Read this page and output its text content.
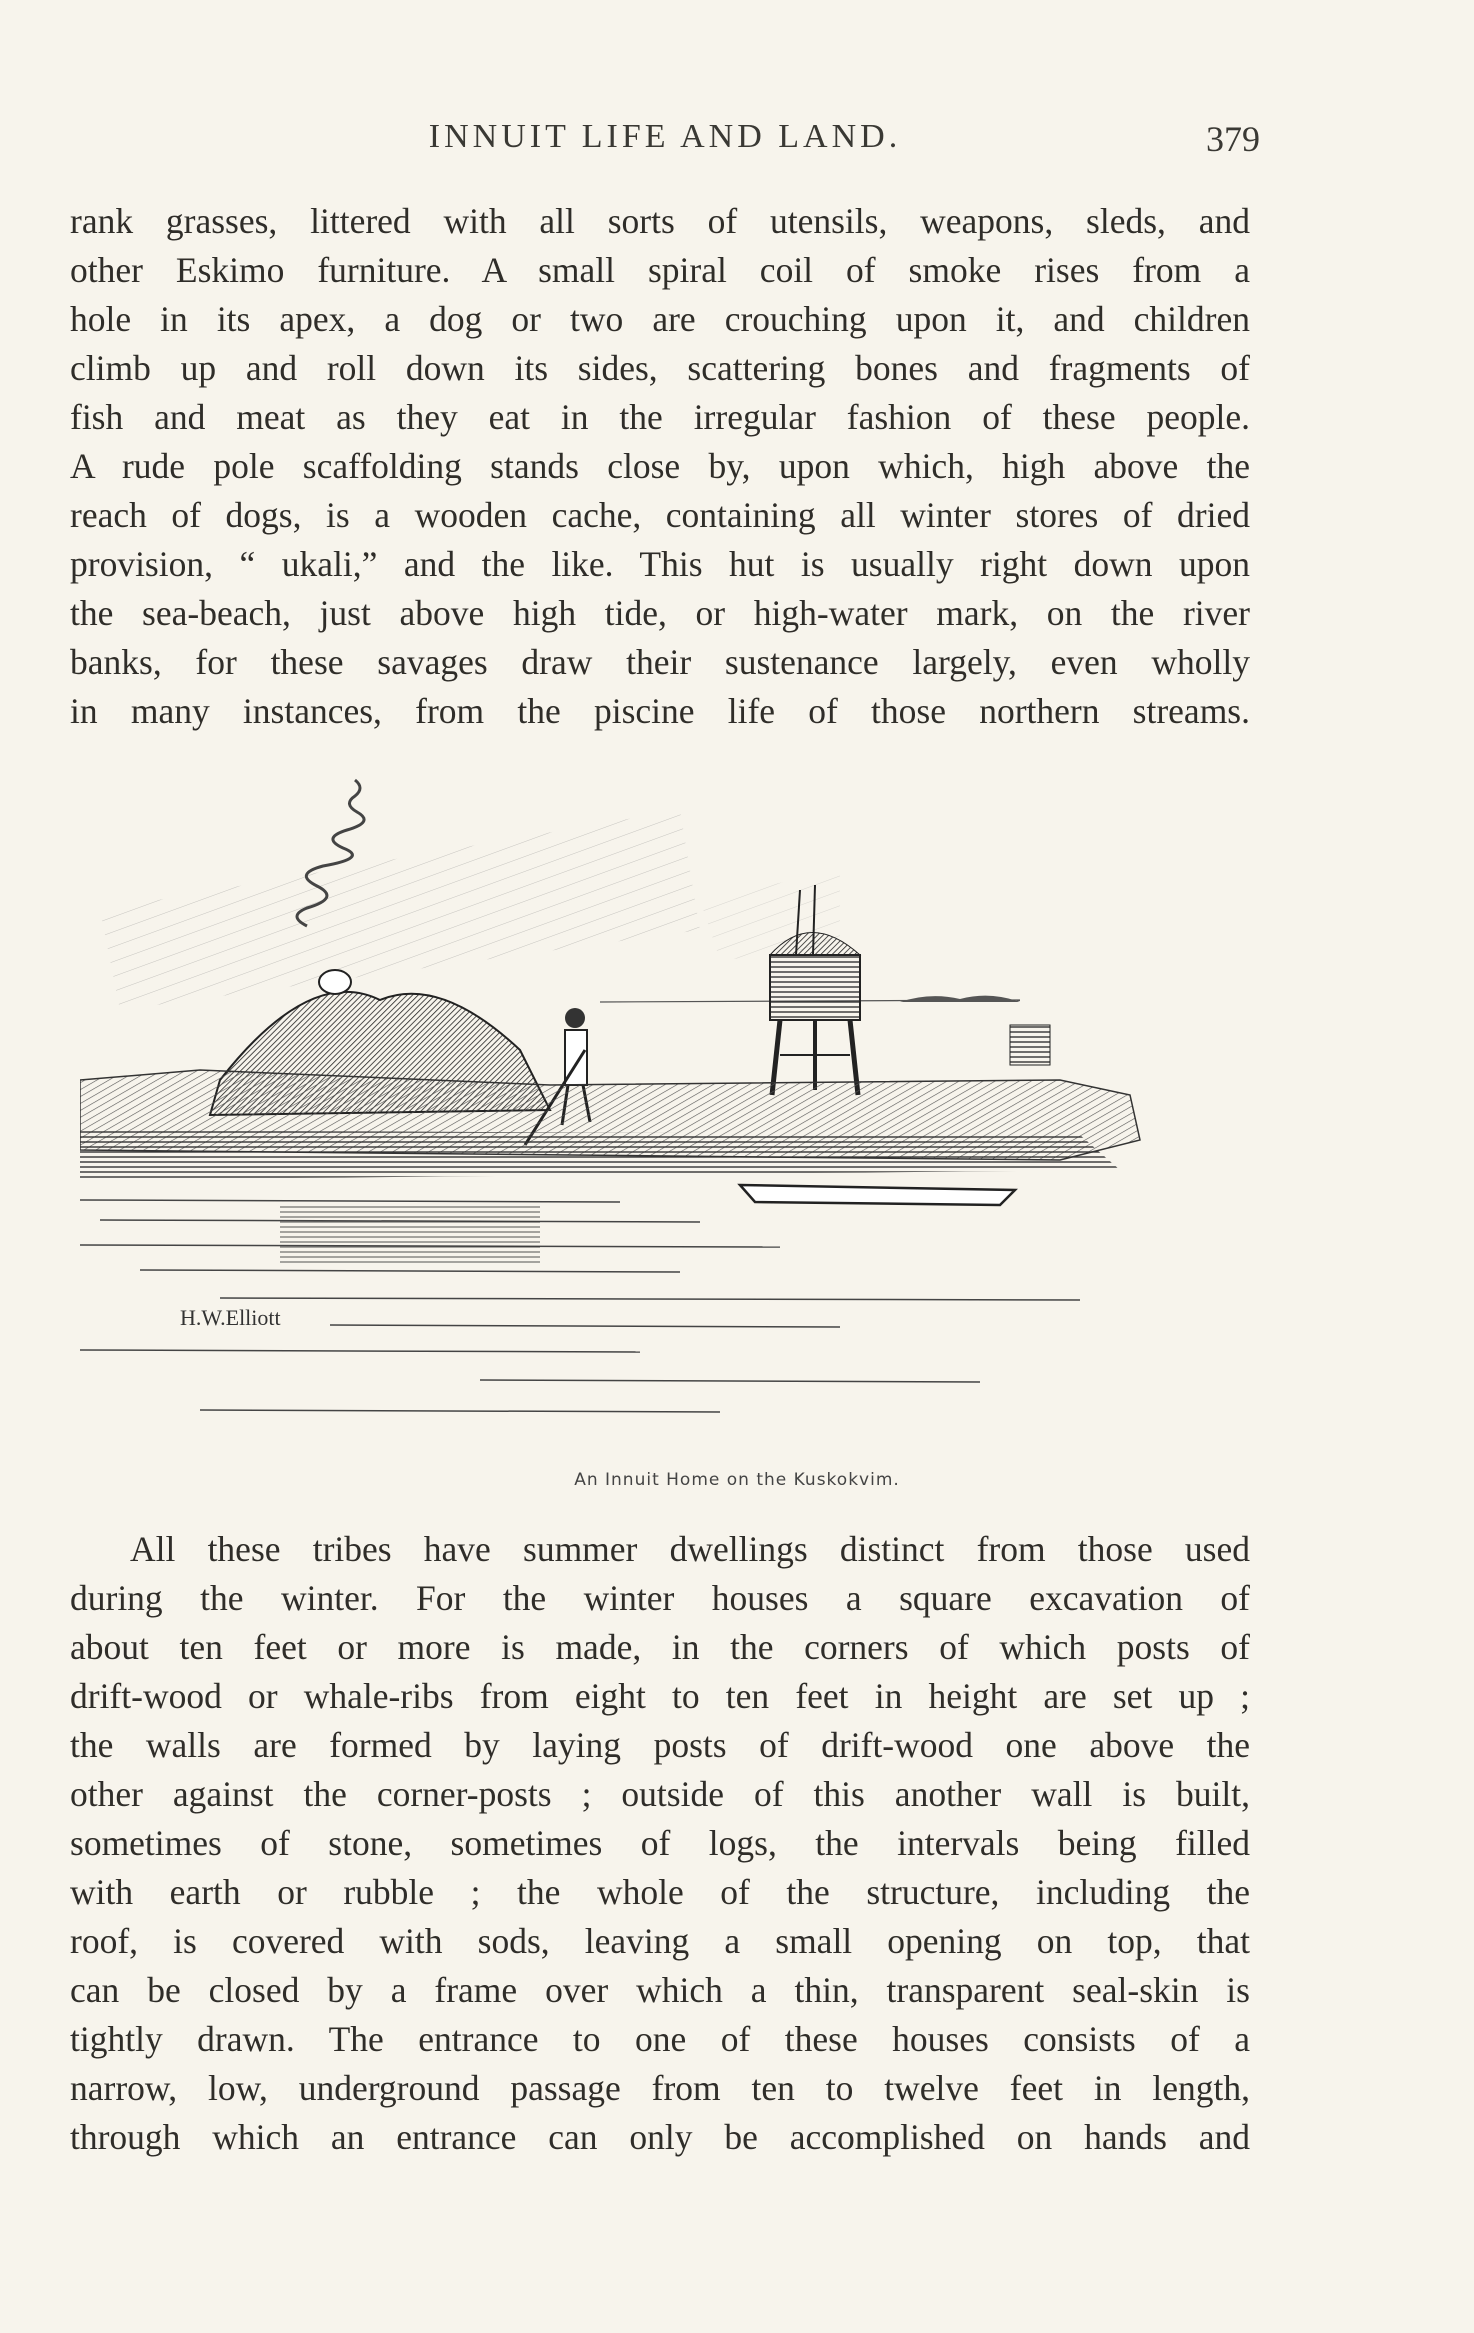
INNUIT LIFE AND LAND.	379
rank grasses, littered with all sorts of utensils, weapons, sleds, and
other Eskimo furniture. A small spiral coil of smoke rises from a
hole in its apex, a dog or two are crouching upon it, and children
climb up and roll down its sides, scattering bones and fragments of
fish and meat as they eat in the irregular fashion of these people.
A rude pole scaffolding stands close by, upon which, high above the
reach of dogs, is a wooden cache, containing all winter stores of dried
provision, “ ukali,” and the like. This hut is usually right down upon
the sea-beach, just above high tide, or high-water mark, on the river
banks, for these savages draw their sustenance largely, even wholly
in many instances, from the piscine life of those northern streams.
H.W.Elliott
An Innuit Home on the Kuskokvim.
All these tribes have summer dwellings distinct from those used
during the winter. For the winter houses a square excavation of
about ten feet or more is made, in the corners of which posts of
drift-wood or whale-ribs from eight to ten feet in height are set up ;
the walls are formed by laying posts of drift-wood one above the
other against the corner-posts ; outside of this another wall is built,
sometimes of stone, sometimes of logs, the intervals being filled
with earth or rubble ; the whole of the structure, including the
roof, is covered with sods, leaving a small opening on top, that
can be closed by a frame over which a thin, transparent seal-skin is
tightly drawn. The entrance to one of these houses consists of a
narrow, low, underground passage from ten to twelve feet in length,
through which an entrance can only be accomplished on hands and
